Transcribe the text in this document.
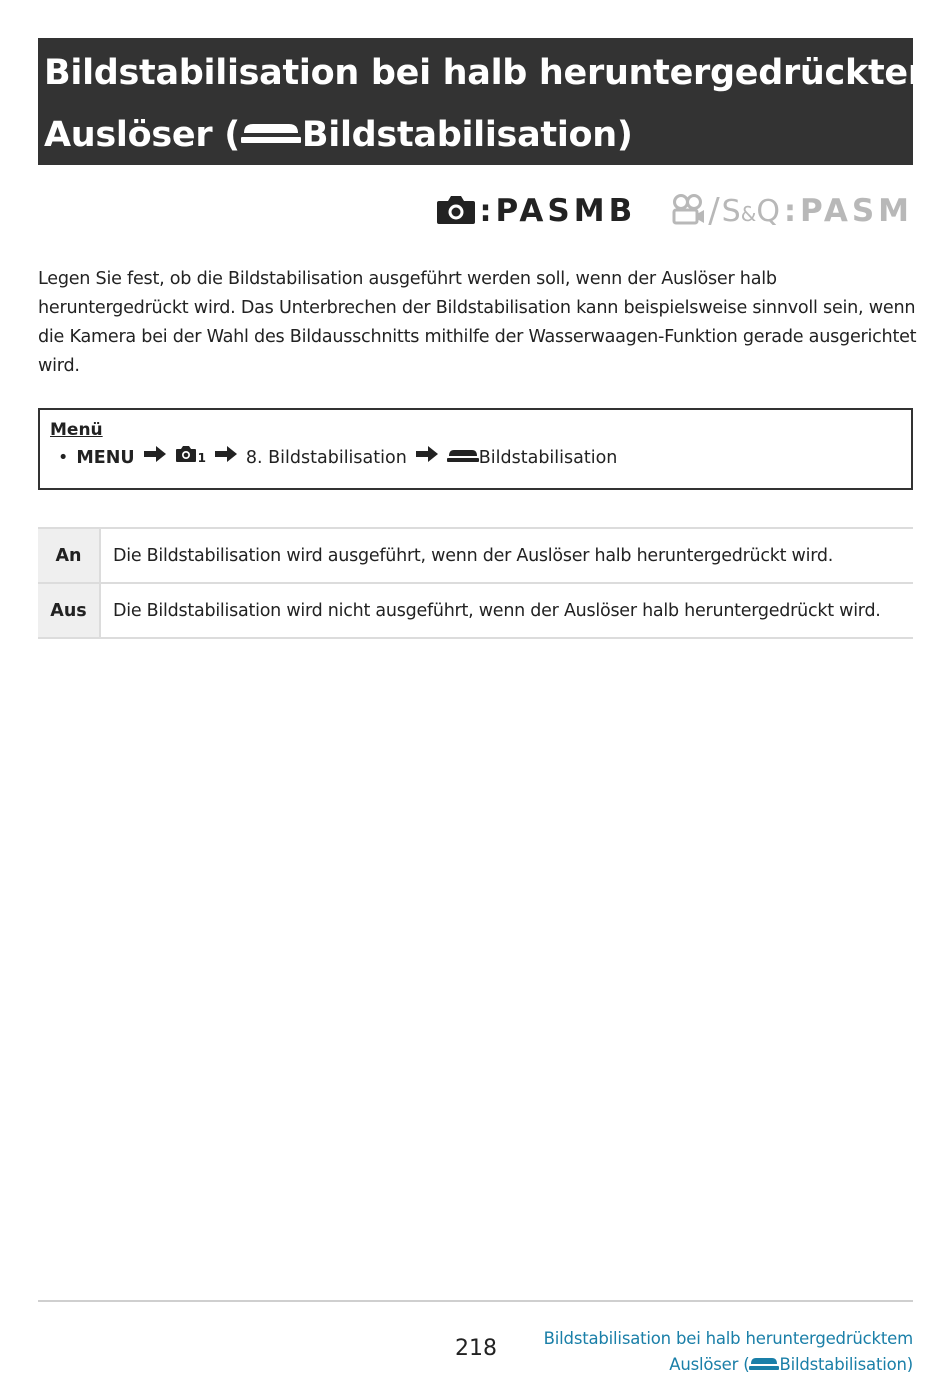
Bildstabilisation bei halb heruntergedrücktem
Auslöser ( Bildstabilisation)
: PASMB / S&Q : PASM
Legen Sie fest, ob die Bildstabilisation ausgeführt werden soll, wenn der Auslöser halb heruntergedrückt wird. Das Unterbrechen der Bildstabilisation kann beispielsweise sinnvoll sein, wenn die Kamera bei der Wahl des Bildausschnitts mithilfe der Wasserwaagen-Funktion gerade ausgerichtet wird.
Menü
• MENU	1 8. Bildstabilisation	Bildstabilisation
An	Die Bildstabilisation wird ausgeführt, wenn der Auslöser halb heruntergedrückt wird.
Aus	Die Bildstabilisation wird nicht ausgeführt, wenn der Auslöser halb heruntergedrückt wird.
218	Bildstabilisation bei halb heruntergedrücktem
Auslöser ( Bildstabilisation)
